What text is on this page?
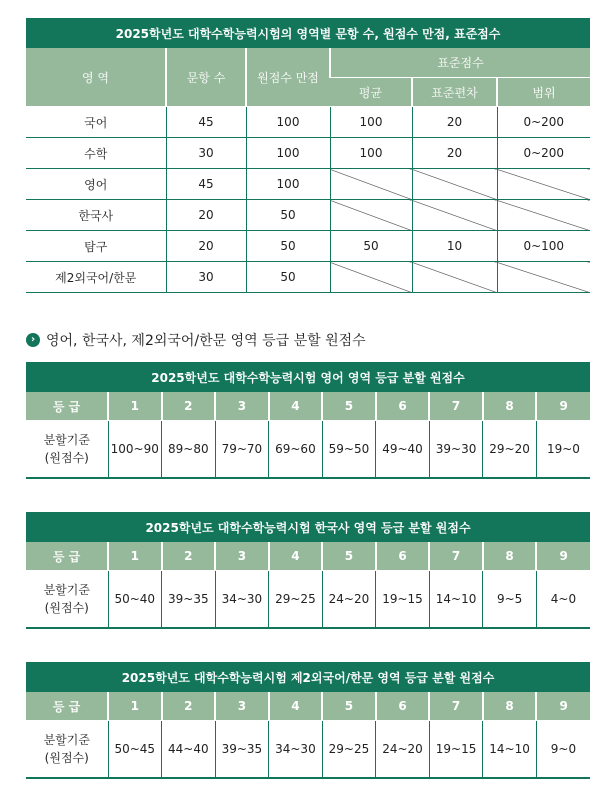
2025학년도 대학수학능력시험의 영역별 문항 수, 원점수 만점, 표준점수					
영 역	문항 수	원점수 만점	표준점수		
			평균	표준편차	범위
국어	45	100	100	20	0~200
수학	30	100	100	20	0~200
영어	45	100			
한국사	20	50			
탐구	20	50	50	10	0~100
제2외국어/한문	30	50			
› 영어, 한국사, 제2외국어/한문 영역 등급 분할 원점수
2025학년도 대학수학능력시험 영어 영역 등급 분할 원점수									
등 급	1	2	3	4	5	6	7	8	9
분할기준
(원점수)	100~90	89~80	79~70	69~60	59~50	49~40	39~30	29~20	19~0
2025학년도 대학수학능력시험 한국사 영역 등급 분할 원점수									
등 급	1	2	3	4	5	6	7	8	9
분할기준
(원점수)	50~40	39~35	34~30	29~25	24~20	19~15	14~10	9~5	4~0
2025학년도 대학수학능력시험 제2외국어/한문 영역 등급 분할 원점수									
등 급	1	2	3	4	5	6	7	8	9
분할기준
(원점수)	50~45	44~40	39~35	34~30	29~25	24~20	19~15	14~10	9~0
